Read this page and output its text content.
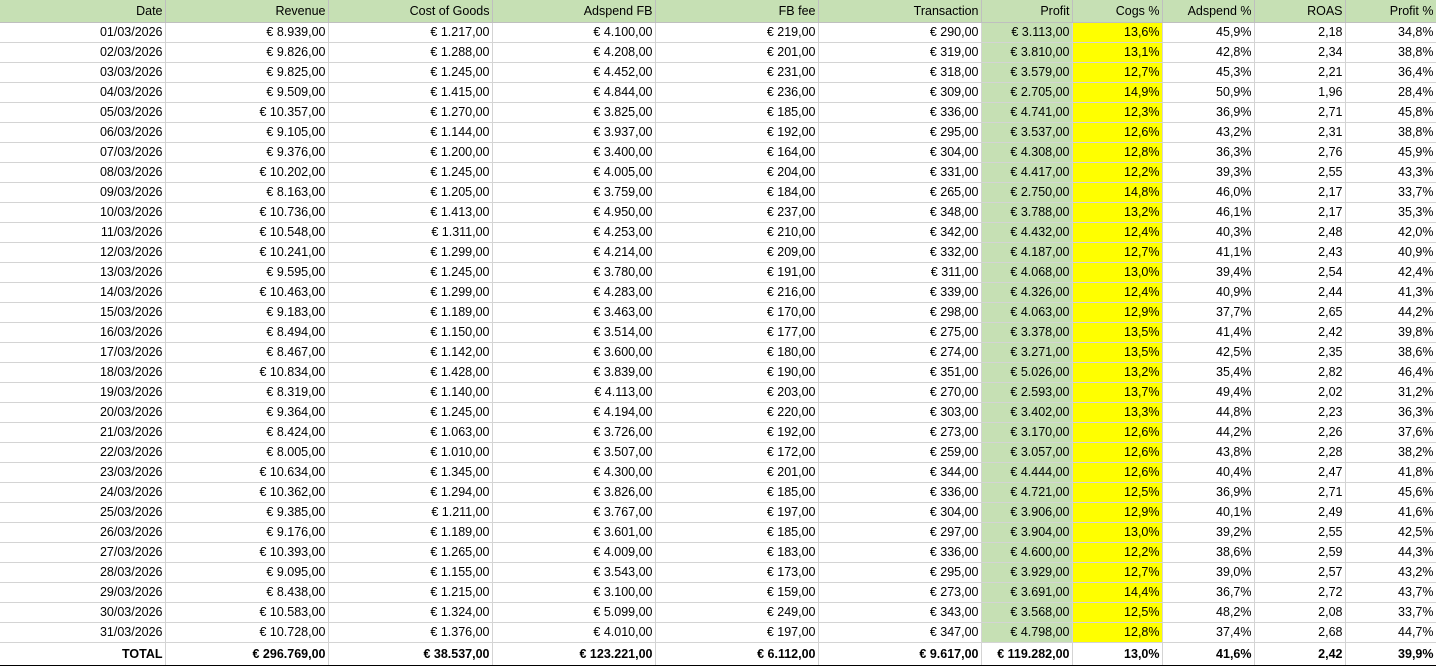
Date	Revenue	Cost of Goods	Adspend FB	FB fee	Transaction	Profit	Cogs %	Adspend %	ROAS	Profit %
01/03/2026	€ 8.939,00	€ 1.217,00	€ 4.100,00	€ 219,00	€ 290,00	€ 3.113,00	13,6%	45,9%	2,18	34,8%
02/03/2026	€ 9.826,00	€ 1.288,00	€ 4.208,00	€ 201,00	€ 319,00	€ 3.810,00	13,1%	42,8%	2,34	38,8%
03/03/2026	€ 9.825,00	€ 1.245,00	€ 4.452,00	€ 231,00	€ 318,00	€ 3.579,00	12,7%	45,3%	2,21	36,4%
04/03/2026	€ 9.509,00	€ 1.415,00	€ 4.844,00	€ 236,00	€ 309,00	€ 2.705,00	14,9%	50,9%	1,96	28,4%
05/03/2026	€ 10.357,00	€ 1.270,00	€ 3.825,00	€ 185,00	€ 336,00	€ 4.741,00	12,3%	36,9%	2,71	45,8%
06/03/2026	€ 9.105,00	€ 1.144,00	€ 3.937,00	€ 192,00	€ 295,00	€ 3.537,00	12,6%	43,2%	2,31	38,8%
07/03/2026	€ 9.376,00	€ 1.200,00	€ 3.400,00	€ 164,00	€ 304,00	€ 4.308,00	12,8%	36,3%	2,76	45,9%
08/03/2026	€ 10.202,00	€ 1.245,00	€ 4.005,00	€ 204,00	€ 331,00	€ 4.417,00	12,2%	39,3%	2,55	43,3%
09/03/2026	€ 8.163,00	€ 1.205,00	€ 3.759,00	€ 184,00	€ 265,00	€ 2.750,00	14,8%	46,0%	2,17	33,7%
10/03/2026	€ 10.736,00	€ 1.413,00	€ 4.950,00	€ 237,00	€ 348,00	€ 3.788,00	13,2%	46,1%	2,17	35,3%
11/03/2026	€ 10.548,00	€ 1.311,00	€ 4.253,00	€ 210,00	€ 342,00	€ 4.432,00	12,4%	40,3%	2,48	42,0%
12/03/2026	€ 10.241,00	€ 1.299,00	€ 4.214,00	€ 209,00	€ 332,00	€ 4.187,00	12,7%	41,1%	2,43	40,9%
13/03/2026	€ 9.595,00	€ 1.245,00	€ 3.780,00	€ 191,00	€ 311,00	€ 4.068,00	13,0%	39,4%	2,54	42,4%
14/03/2026	€ 10.463,00	€ 1.299,00	€ 4.283,00	€ 216,00	€ 339,00	€ 4.326,00	12,4%	40,9%	2,44	41,3%
15/03/2026	€ 9.183,00	€ 1.189,00	€ 3.463,00	€ 170,00	€ 298,00	€ 4.063,00	12,9%	37,7%	2,65	44,2%
16/03/2026	€ 8.494,00	€ 1.150,00	€ 3.514,00	€ 177,00	€ 275,00	€ 3.378,00	13,5%	41,4%	2,42	39,8%
17/03/2026	€ 8.467,00	€ 1.142,00	€ 3.600,00	€ 180,00	€ 274,00	€ 3.271,00	13,5%	42,5%	2,35	38,6%
18/03/2026	€ 10.834,00	€ 1.428,00	€ 3.839,00	€ 190,00	€ 351,00	€ 5.026,00	13,2%	35,4%	2,82	46,4%
19/03/2026	€ 8.319,00	€ 1.140,00	€ 4.113,00	€ 203,00	€ 270,00	€ 2.593,00	13,7%	49,4%	2,02	31,2%
20/03/2026	€ 9.364,00	€ 1.245,00	€ 4.194,00	€ 220,00	€ 303,00	€ 3.402,00	13,3%	44,8%	2,23	36,3%
21/03/2026	€ 8.424,00	€ 1.063,00	€ 3.726,00	€ 192,00	€ 273,00	€ 3.170,00	12,6%	44,2%	2,26	37,6%
22/03/2026	€ 8.005,00	€ 1.010,00	€ 3.507,00	€ 172,00	€ 259,00	€ 3.057,00	12,6%	43,8%	2,28	38,2%
23/03/2026	€ 10.634,00	€ 1.345,00	€ 4.300,00	€ 201,00	€ 344,00	€ 4.444,00	12,6%	40,4%	2,47	41,8%
24/03/2026	€ 10.362,00	€ 1.294,00	€ 3.826,00	€ 185,00	€ 336,00	€ 4.721,00	12,5%	36,9%	2,71	45,6%
25/03/2026	€ 9.385,00	€ 1.211,00	€ 3.767,00	€ 197,00	€ 304,00	€ 3.906,00	12,9%	40,1%	2,49	41,6%
26/03/2026	€ 9.176,00	€ 1.189,00	€ 3.601,00	€ 185,00	€ 297,00	€ 3.904,00	13,0%	39,2%	2,55	42,5%
27/03/2026	€ 10.393,00	€ 1.265,00	€ 4.009,00	€ 183,00	€ 336,00	€ 4.600,00	12,2%	38,6%	2,59	44,3%
28/03/2026	€ 9.095,00	€ 1.155,00	€ 3.543,00	€ 173,00	€ 295,00	€ 3.929,00	12,7%	39,0%	2,57	43,2%
29/03/2026	€ 8.438,00	€ 1.215,00	€ 3.100,00	€ 159,00	€ 273,00	€ 3.691,00	14,4%	36,7%	2,72	43,7%
30/03/2026	€ 10.583,00	€ 1.324,00	€ 5.099,00	€ 249,00	€ 343,00	€ 3.568,00	12,5%	48,2%	2,08	33,7%
31/03/2026	€ 10.728,00	€ 1.376,00	€ 4.010,00	€ 197,00	€ 347,00	€ 4.798,00	12,8%	37,4%	2,68	44,7%
TOTAL	€ 296.769,00	€ 38.537,00	€ 123.221,00	€ 6.112,00	€ 9.617,00	€ 119.282,00	13,0%	41,6%	2,42	39,9%
